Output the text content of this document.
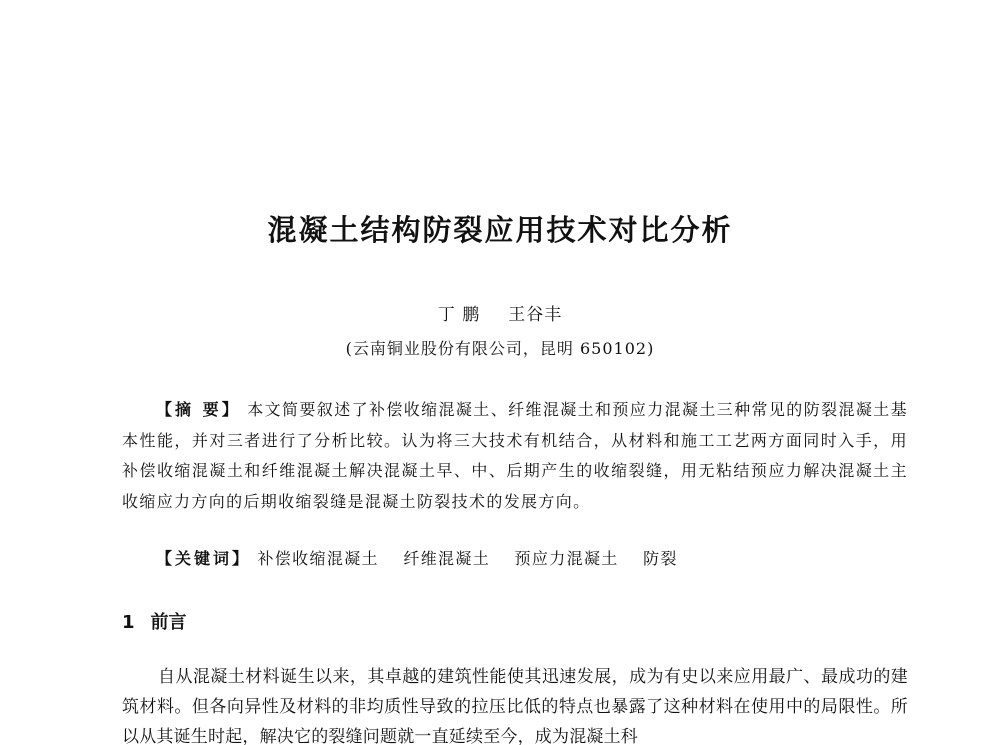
混凝土结构防裂应用技术对比分析
丁 鹏 王谷丰
(云南铜业股份有限公司，昆明 650102)
【摘 要】 本文简要叙述了补偿收缩混凝土、纤维混凝土和预应力混凝土三种常见的防裂混凝土基本性能，并对三者进行了分析比较。认为将三大技术有机结合，从材料和施工工艺两方面同时入手，用补偿收缩混凝土和纤维混凝土解决混凝土早、中、后期产生的收缩裂缝，用无粘结预应力解决混凝土主收缩应力方向的后期收缩裂缝是混凝土防裂技术的发展方向。
【关键词】 补偿收缩混凝土 纤维混凝土 预应力混凝土 防裂
1 前言
自从混凝土材料诞生以来，其卓越的建筑性能使其迅速发展，成为有史以来应用最广、最成功的建筑材料。但各向异性及材料的非均质性导致的拉压比低的特点也暴露了这种材料在使用中的局限性。所以从其诞生时起，解决它的裂缝问题就一直延续至今，成为混凝土科
